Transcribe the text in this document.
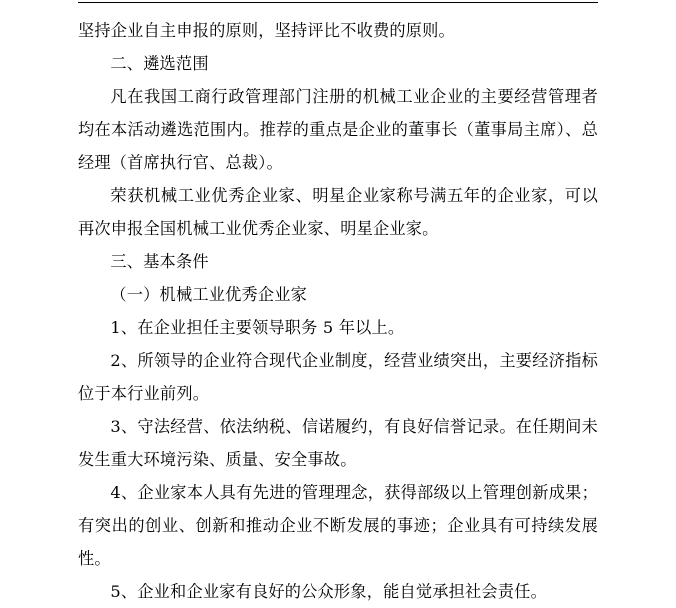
坚持企业自主申报的原则，坚持评比不收费的原则。

二、遴选范围

凡在我国工商行政管理部门注册的机械工业企业的主要经营管理者均在本活动遴选范围内。推荐的重点是企业的董事长（董事局主席）、总经理（首席执行官、总裁）。

荣获机械工业优秀企业家、明星企业家称号满五年的企业家，可以再次申报全国机械工业优秀企业家、明星企业家。

三、基本条件

（一）机械工业优秀企业家

1、在企业担任主要领导职务 5 年以上。

2、所领导的企业符合现代企业制度，经营业绩突出，主要经济指标位于本行业前列。

3、守法经营、依法纳税、信诺履约，有良好信誉记录。在任期间未发生重大环境污染、质量、安全事故。

4、企业家本人具有先进的管理理念，获得部级以上管理创新成果；有突出的创业、创新和推动企业不断发展的事迹；企业具有可持续发展性。

5、企业和企业家有良好的公众形象，能自觉承担社会责任。
